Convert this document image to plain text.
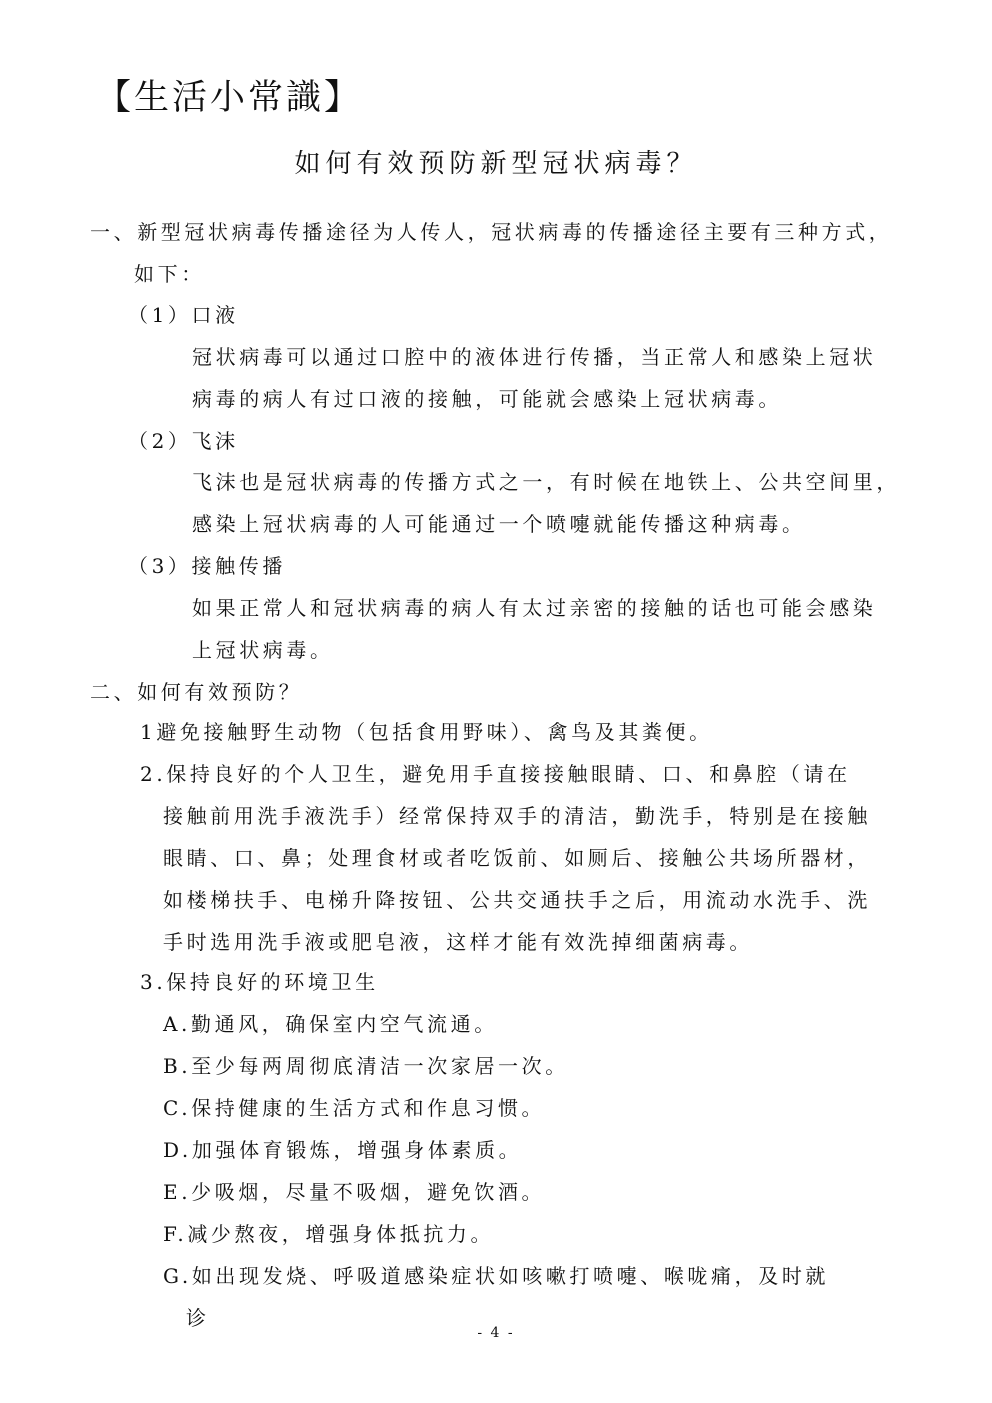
【生活小常識】
如何有效预防新型冠状病毒？
一、新型冠状病毒传播途径为人传人，冠状病毒的传播途径主要有三种方式，
如下：
（1）口液
冠状病毒可以通过口腔中的液体进行传播，当正常人和感染上冠状
病毒的病人有过口液的接触，可能就会感染上冠状病毒。
（2）飞沫
飞沫也是冠状病毒的传播方式之一，有时候在地铁上、公共空间里，
感染上冠状病毒的人可能通过一个喷嚏就能传播这种病毒。
（3）接触传播
如果正常人和冠状病毒的病人有太过亲密的接触的话也可能会感染
上冠状病毒。
二、如何有效预防？
1避免接触野生动物（包括食用野味）、禽鸟及其粪便。
2.保持良好的个人卫生，避免用手直接接触眼睛、口、和鼻腔（请在
接触前用洗手液洗手）经常保持双手的清洁，勤洗手，特别是在接触
眼睛、口、鼻；处理食材或者吃饭前、如厕后、接触公共场所器材，
如楼梯扶手、电梯升降按钮、公共交通扶手之后，用流动水洗手、洗
手时选用洗手液或肥皂液，这样才能有效洗掉细菌病毒。
3.保持良好的环境卫生
A.勤通风，确保室内空气流通。
B.至少每两周彻底清洁一次家居一次。
C.保持健康的生活方式和作息习惯。
D.加强体育锻炼，增强身体素质。
E.少吸烟，尽量不吸烟，避免饮酒。
F.减少熬夜，增强身体抵抗力。
G.如出现发烧、呼吸道感染症状如咳嗽打喷嚏、喉咙痛，及时就
诊
- 4 -
